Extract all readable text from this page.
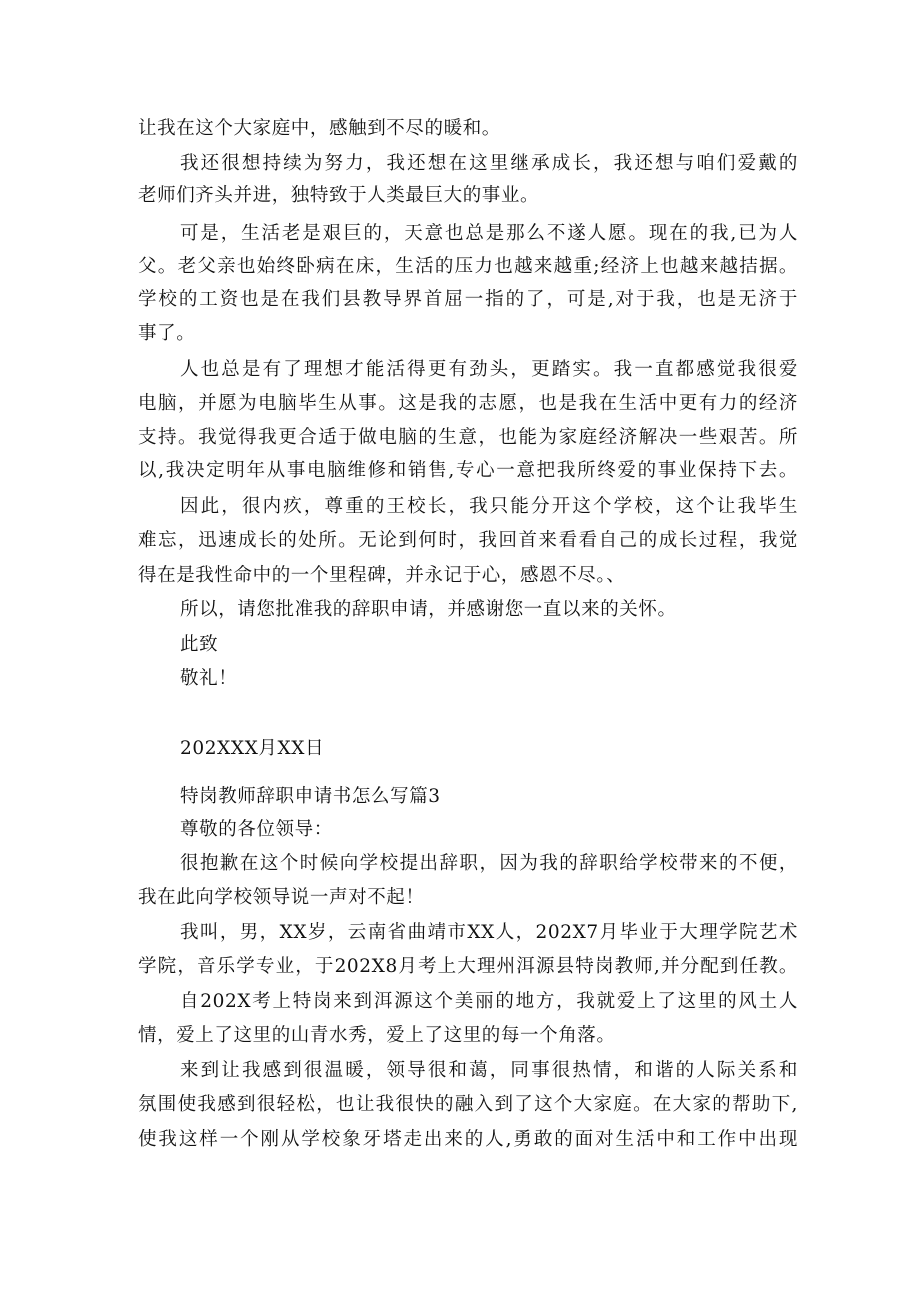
让我在这个大家庭中，感触到不尽的暖和。
我还很想持续为努力，我还想在这里继承成长，我还想与咱们爱戴的
老师们齐头并进，独特致于人类最巨大的事业。
可是，生活老是艰巨的，天意也总是那么不遂人愿。现在的我,已为人
父。老父亲也始终卧病在床，生活的压力也越来越重;经济上也越来越拮据。
学校的工资也是在我们县教导界首屈一指的了，可是,对于我，也是无济于
事了。
人也总是有了理想才能活得更有劲头，更踏实。我一直都感觉我很爱
电脑，并愿为电脑毕生从事。这是我的志愿，也是我在生活中更有力的经济
支持。我觉得我更合适于做电脑的生意，也能为家庭经济解决一些艰苦。所
以,我决定明年从事电脑维修和销售,专心一意把我所终爱的事业保持下去。
因此，很内疚，尊重的王校长，我只能分开这个学校，这个让我毕生
难忘，迅速成长的处所。无论到何时，我回首来看看自己的成长过程，我觉
得在是我性命中的一个里程碑，并永记于心，感恩不尽。、
所以，请您批准我的辞职申请，并感谢您一直以来的关怀。
此致
敬礼！
202XXX月XX日
特岗教师辞职申请书怎么写篇3
尊敬的各位领导：
很抱歉在这个时候向学校提出辞职，因为我的辞职给学校带来的不便，
我在此向学校领导说一声对不起！
我叫，男，XX岁，云南省曲靖市XX人，202X7月毕业于大理学院艺术
学院，音乐学专业，于202X8月考上大理州洱源县特岗教师,并分配到任教。
自202X考上特岗来到洱源这个美丽的地方，我就爱上了这里的风土人
情，爱上了这里的山青水秀，爱上了这里的每一个角落。
来到让我感到很温暖，领导很和蔼，同事很热情，和谐的人际关系和
氛围使我感到很轻松，也让我很快的融入到了这个大家庭。在大家的帮助下,
使我这样一个刚从学校象牙塔走出来的人,勇敢的面对生活中和工作中出现
